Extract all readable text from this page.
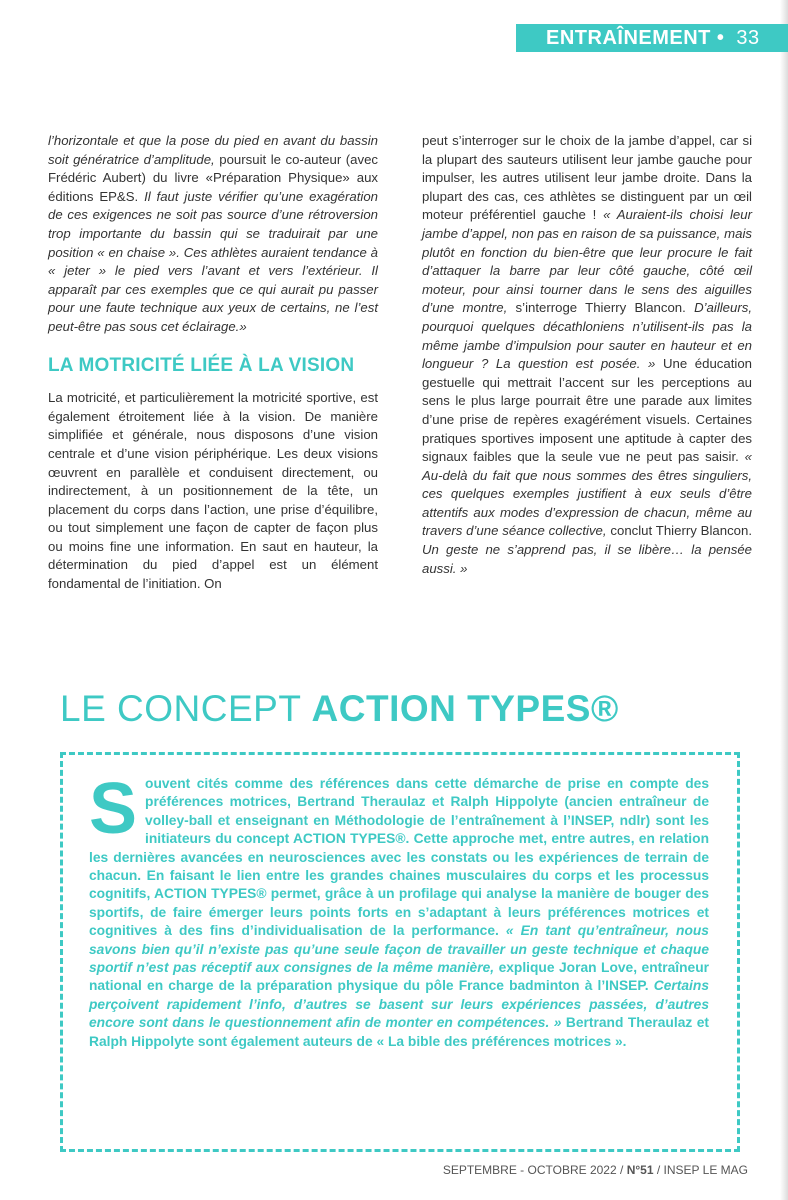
ENTRAÎNEMENT • 33

l’horizontale et que la pose du pied en avant du bassin soit génératrice d’amplitude, poursuit le co-auteur (avec Frédéric Aubert) du livre «Préparation Physique» aux éditions EP&S. Il faut juste vérifier qu’une exagération de ces exigences ne soit pas source d’une rétroversion trop importante du bassin qui se traduirait par une position « en chaise ». Ces athlètes auraient tendance à « jeter » le pied vers l’avant et vers l’extérieur. Il apparaît par ces exemples que ce qui aurait pu passer pour une faute technique aux yeux de certains, ne l’est peut-être pas sous cet éclairage.»

LA MOTRICITÉ LIÉE À LA VISION

La motricité, et particulièrement la motricité sportive, est également étroitement liée à la vision. De manière simplifiée et générale, nous disposons d’une vision centrale et d’une vision périphérique. Les deux visions œuvrent en parallèle et conduisent directement, ou indirectement, à un positionnement de la tête, un placement du corps dans l’action, une prise d’équilibre, ou tout simplement une façon de capter de façon plus ou moins fine une information. En saut en hauteur, la détermination du pied d’appel est un élément fondamental de l’initiation. On

peut s’interroger sur le choix de la jambe d’appel, car si la plupart des sauteurs utilisent leur jambe gauche pour impulser, les autres utilisent leur jambe droite. Dans la plupart des cas, ces athlètes se distinguent par un œil moteur préférentiel gauche ! « Auraient-ils choisi leur jambe d’appel, non pas en raison de sa puissance, mais plutôt en fonction du bien-être que leur procure le fait d’attaquer la barre par leur côté gauche, côté œil moteur, pour ainsi tourner dans le sens des aiguilles d’une montre, s’interroge Thierry Blancon. D’ailleurs, pourquoi quelques décathloniens n’utilisent-ils pas la même jambe d’impulsion pour sauter en hauteur et en longueur ? La question est posée. » Une éducation gestuelle qui mettrait l’accent sur les perceptions au sens le plus large pourrait être une parade aux limites d’une prise de repères exagérément visuels. Certaines pratiques sportives imposent une aptitude à capter des signaux faibles que la seule vue ne peut pas saisir. « Au-delà du fait que nous sommes des êtres singuliers, ces quelques exemples justifient à eux seuls d’être attentifs aux modes d’expression de chacun, même au travers d’une séance collective, conclut Thierry Blancon. Un geste ne s’apprend pas, il se libère… la pensée aussi. »

LE CONCEPT ACTION TYPES®
Souvent cités comme des références dans cette démarche de prise en compte des préférences motrices, Bertrand Theraulaz et Ralph Hippolyte (ancien entraîneur de volley-ball et enseignant en Méthodologie de l’entraînement à l’INSEP, ndlr) sont les initiateurs du concept ACTION TYPES®. Cette approche met, entre autres, en relation les dernières avancées en neurosciences avec les constats ou les expériences de terrain de chacun. En faisant le lien entre les grandes chaines musculaires du corps et les processus cognitifs, ACTION TYPES® permet, grâce à un profilage qui analyse la manière de bouger des sportifs, de faire émerger leurs points forts en s’adaptant à leurs préférences motrices et cognitives à des fins d’individualisation de la performance. « En tant qu’entraîneur, nous savons bien qu’il n’existe pas qu’une seule façon de travailler un geste technique et chaque sportif n’est pas réceptif aux consignes de la même manière, explique Joran Love, entraîneur national en charge de la préparation physique du pôle France badminton à l’INSEP. Certains perçoivent rapidement l’info, d’autres se basent sur leurs expériences passées, d’autres encore sont dans le questionnement afin de monter en compétences. » Bertrand Theraulaz et Ralph Hippolyte sont également auteurs de « La bible des préférences motrices ».
SEPTEMBRE - OCTOBRE 2022 / N°51 / INSEP LE MAG
